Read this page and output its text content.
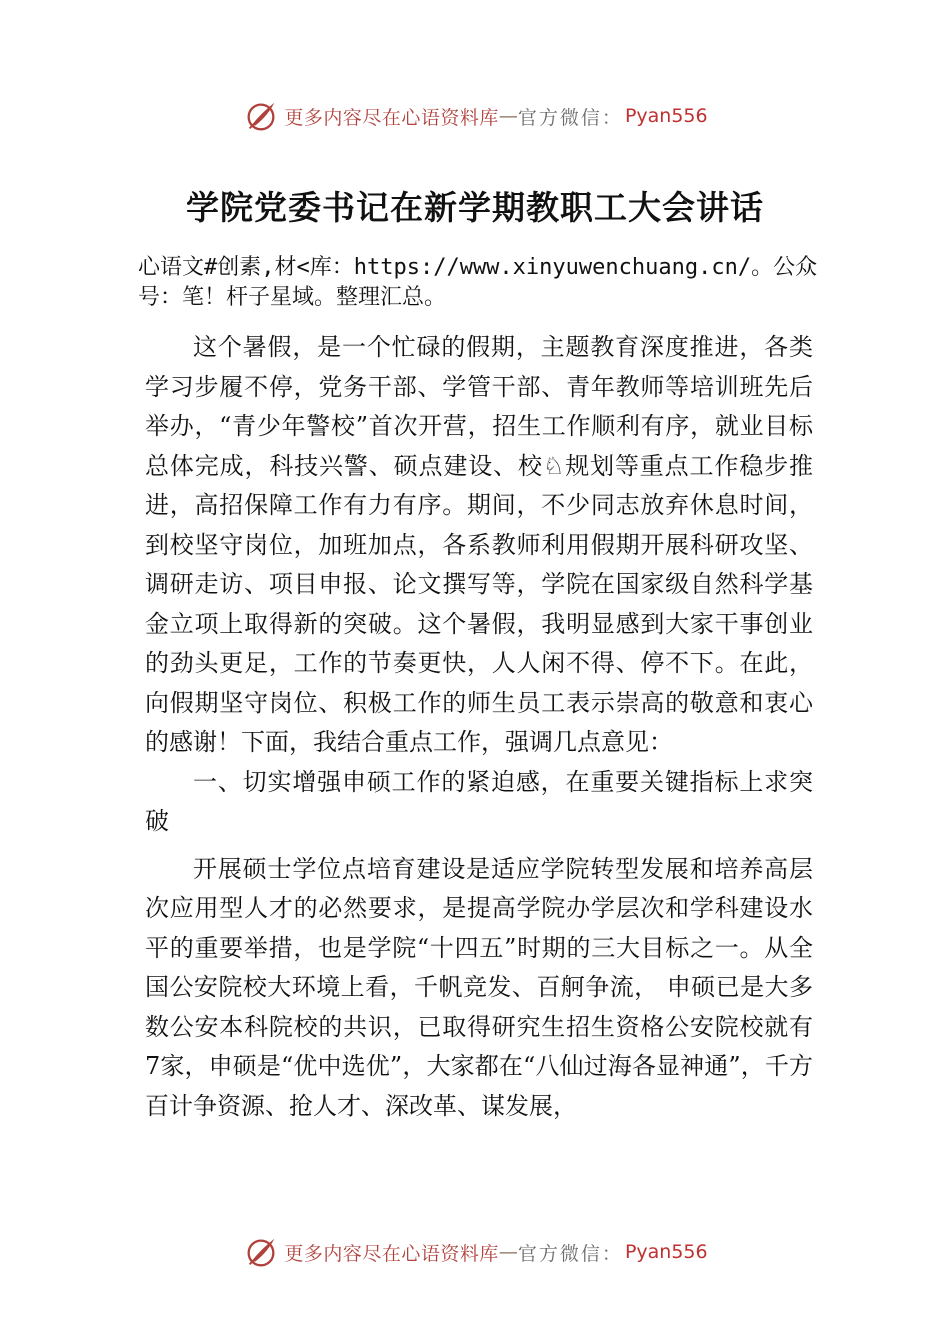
更多内容尽在心语资料库 — 官方微信： Pyan556
学院党委书记在新学期教职工大会讲话
心语文#创素,材<库：https://www.xinyuwenchuang.cn/。公众号：笔！杆子星域。整理汇总。

这个暑假，是一个忙碌的假期，主题教育深度推进，各类学习步履不停，党务干部、学管干部、青年教师等培训班先后举办，“青少年警校”首次开营，招生工作顺利有序，就业目标总体完成，科技兴警、硕点建设、校♘规划等重点工作稳步推进，高招保障工作有力有序。期间，不少同志放弃休息时间，到校坚守岗位，加班加点，各系教师利用假期开展科研攻坚、调研走访、项目申报、论文撰写等，学院在国家级自然科学基金立项上取得新的突破。这个暑假，我明显感到大家干事创业的劲头更足，工作的节奏更快，人人闲不得、停不下。在此，向假期坚守岗位、积极工作的师生员工表示崇高的敬意和衷心的感谢！下面，我结合重点工作，强调几点意见：

一、切实增强申硕工作的紧迫感，在重要关键指标上求突破

开展硕士学位点培育建设是适应学院转型发展和培养高层次应用型人才的必然要求，是提高学院办学层次和学科建设水平的重要举措，也是学院“十四五”时期的三大目标之一。从全国公安院校大环境上看，千帆竞发、百舸争流， 申硕已是大多数公安本科院校的共识，已取得研究生招生资格公安院校就有 7家，申硕是“优中选优”，大家都在“八仙过海各显神通”，千方百计争资源、抢人才、深改革、谋发展，

更多内容尽在心语资料库 — 官方微信： Pyan556
